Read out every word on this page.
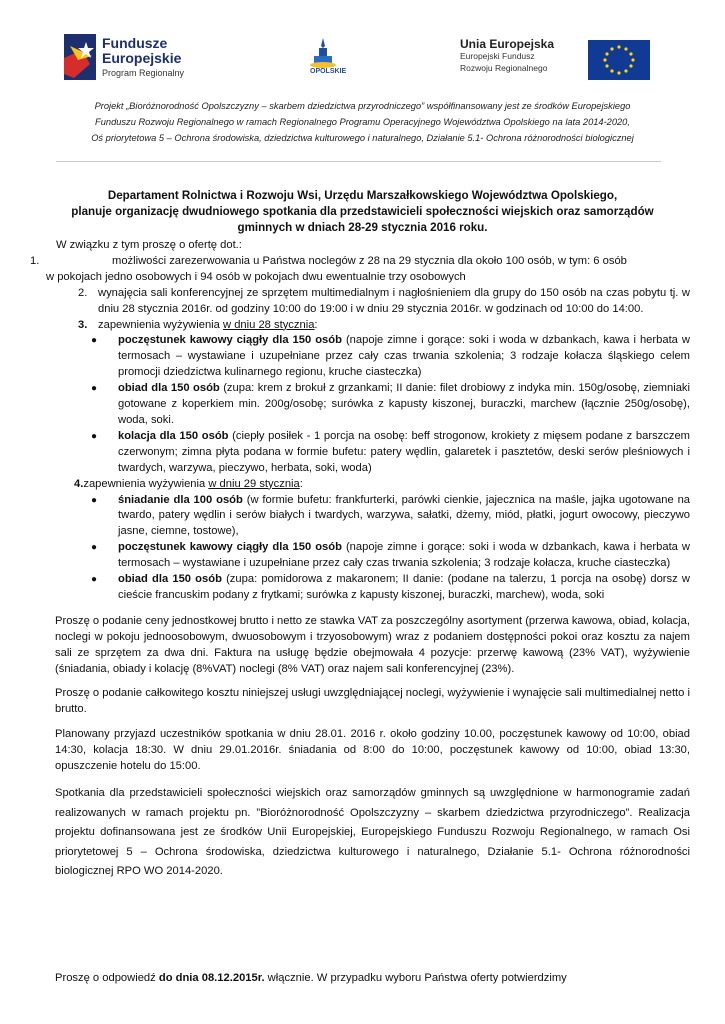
Fundusze
Europejskie
Program Regionalny	OPOLSKIE
Unia Europejska
Europejski Fundusz
Rozwoju Regionalnego
Projekt „Bioróżnorodność Opolszczyzny – skarbem dziedzictwa przyrodniczego” współfinansowany jest ze środków Europejskiego
Funduszu Rozwoju Regionalnego w ramach Regionalnego Programu Operacyjnego Województwa Opolskiego na lata 2014-2020,
Oś priorytetowa 5 – Ochrona środowiska, dziedzictwa kulturowego i naturalnego, Działanie 5.1- Ochrona różnorodności biologicznej
Departament Rolnictwa i Rozwoju Wsi, Urzędu Marszałkowskiego Województwa Opolskiego,
planuje organizację dwudniowego spotkania dla przedstawicieli społeczności wiejskich oraz samorządów
gminnych w dniach 28-29 stycznia 2016 roku.
W związku z tym proszę o ofertę dot.:
1.	możliwości zarezerwowania u Państwa noclegów z 28 na 29 stycznia dla około 100 osób, w tym: 6 osób
w pokojach jedno osobowych i 94 osób w pokojach dwu ewentualnie trzy osobowych
2. wynajęcia sali konferencyjnej ze sprzętem multimedialnym i nagłośnieniem dla grupy do 150 osób na czas pobytu tj. w dniu 28 stycznia 2016r. od godziny 10:00 do 19:00 i w dniu 29 stycznia 2016r. w godzinach od 10:00 do 14:00.
3. zapewnienia wyżywienia w dniu 28 stycznia:
● poczęstunek kawowy ciągły dla 150 osób (napoje zimne i gorące: soki i woda w dzbankach, kawa i herbata w termosach – wystawiane i uzupełniane przez cały czas trwania szkolenia; 3 rodzaje kołacza śląskiego celem promocji dziedzictwa kulinarnego regionu, kruche ciasteczka)
● obiad dla 150 osób (zupa: krem z brokuł z grzankami; II danie: filet drobiowy z indyka min. 150g/osobę, ziemniaki gotowane z koperkiem min. 200g/osobę; surówka z kapusty kiszonej, buraczki, marchew (łącznie 250g/osobę), woda, soki.
● kolacja dla 150 osób (ciepły posiłek - 1 porcja na osobę: beff strogonow, krokiety z mięsem podane z barszczem czerwonym; zimna płyta podana w formie bufetu: patery wędlin, galaretek i pasztetów, deski serów pleśniowych i twardych, warzywa, pieczywo, herbata, soki, woda)
4.zapewnienia wyżywienia w dniu 29 stycznia:
● śniadanie dla 100 osób (w formie bufetu: frankfurterki, parówki cienkie, jajecznica na maśle, jajka ugotowane na twardo, patery wędlin i serów białych i twardych, warzywa, sałatki, dżemy, miód, płatki, jogurt owocowy, pieczywo jasne, ciemne, tostowe),
● poczęstunek kawowy ciągły dla 150 osób (napoje zimne i gorące: soki i woda w dzbankach, kawa i herbata w termosach – wystawiane i uzupełniane przez cały czas trwania szkolenia; 3 rodzaje kołacza, kruche ciasteczka)
● obiad dla 150 osób (zupa: pomidorowa z makaronem; II danie: (podane na talerzu, 1 porcja na osobę) dorsz w cieście francuskim podany z frytkami; surówka z kapusty kiszonej, buraczki, marchew), woda, soki
Proszę o podanie ceny jednostkowej brutto i netto ze stawka VAT za poszczególny asortyment (przerwa kawowa, obiad, kolacja, noclegi w pokoju jednoosobowym, dwuosobowym i trzyosobowym) wraz z podaniem dostępności pokoi oraz kosztu za najem sali ze sprzętem za dwa dni. Faktura na usługę będzie obejmowała 4 pozycje: przerwę kawową (23% VAT), wyżywienie (śniadania, obiady i kolację (8%VAT) noclegi (8% VAT) oraz najem sali konferencyjnej (23%).
Proszę o podanie całkowitego kosztu niniejszej usługi uwzględniającej noclegi, wyżywienie i wynajęcie sali multimedialnej netto i brutto.
Planowany przyjazd uczestników spotkania w dniu 28.01. 2016 r. około godziny 10.00, poczęstunek kawowy od 10:00, obiad 14:30, kolacja 18:30. W dniu 29.01.2016r. śniadania od 8:00 do 10:00, poczęstunek kawowy od 10:00, obiad 13:30, opuszczenie hotelu do 15:00.
Spotkania dla przedstawicieli społeczności wiejskich oraz samorządów gminnych są uwzględnione w harmonogramie zadań realizowanych w ramach projektu pn. ”Bioróżnorodność Opolszczyzny – skarbem dziedzictwa przyrodniczego”. Realizacja projektu dofinansowana jest ze środków Unii Europejskiej, Europejskiego Funduszu Rozwoju Regionalnego, w ramach Osi priorytetowej 5 – Ochrona środowiska, dziedzictwa kulturowego i naturalnego, Działanie 5.1- Ochrona różnorodności biologicznej RPO WO 2014-2020.
Proszę o odpowiedź do dnia 08.12.2015r. włącznie. W przypadku wyboru Państwa oferty potwierdzimy
